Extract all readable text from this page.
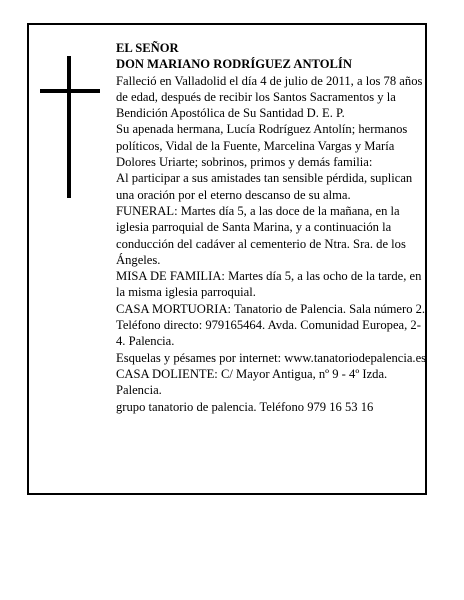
EL SEÑOR

DON MARIANO RODRÍGUEZ ANTOLÍN

Falleció en Valladolid el día 4 de julio de 2011, a los 78 años de edad, después de recibir los Santos Sacramentos y la Bendición Apostólica de Su Santidad D. E. P.

Su apenada hermana, Lucía Rodríguez Antolín; hermanos políticos, Vidal de la Fuente, Marcelina Vargas y María Dolores Uriarte; sobrinos, primos y demás familia:

Al participar a sus amistades tan sensible pérdida, suplican una oración por el eterno descanso de su alma.

FUNERAL: Martes día 5, a las doce de la mañana, en la iglesia parroquial de Santa Marina, y a continuación la conducción del cadáver al cementerio de Ntra. Sra. de los Ángeles.

MISA DE FAMILIA: Martes día 5, a las ocho de la tarde, en la misma iglesia parroquial.

CASA MORTUORIA: Tanatorio de Palencia. Sala número 2. Teléfono directo: 979165464. Avda. Comunidad Europea, 2-4. Palencia.

Esquelas y pésames por internet: www.tanatoriodepalencia.es

CASA DOLIENTE: C/ Mayor Antigua, nº 9 - 4º Izda. Palencia.

grupo tanatorio de palencia. Teléfono 979 16 53 16
